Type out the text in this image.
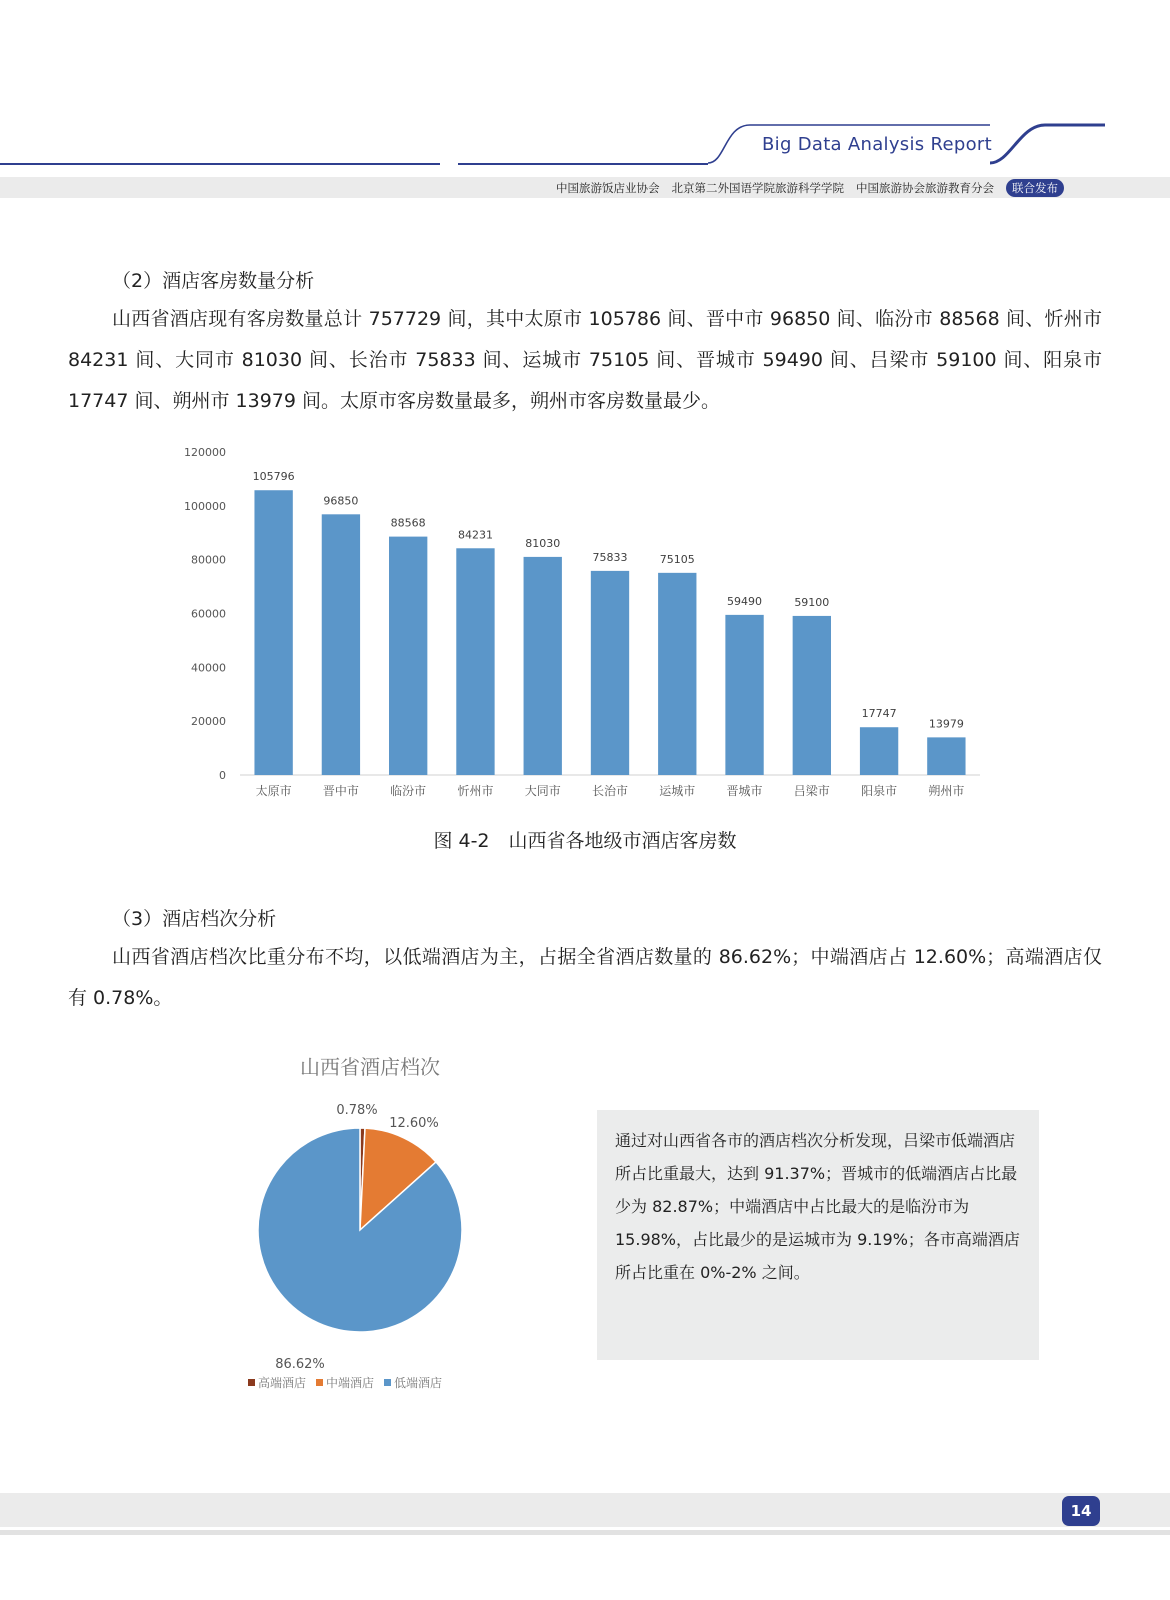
Big Data Analysis Report
中国旅游饭店业协会 北京第二外国语学院旅游科学学院 中国旅游协会旅游教育分会	联合发布
（2）酒店客房数量分析

山西省酒店现有客房数量总计 757729 间，其中太原市 105786 间、晋中市 96850 间、临汾市 88568 间、忻州市 84231 间、大同市 81030 间、长治市 75833 间、运城市 75105 间、晋城市 59490 间、吕梁市 59100 间、阳泉市 17747 间、朔州市 13979 间。太原市客房数量最多，朔州市客房数量最少。

0
20000
40000
60000
80000
100000
120000
105796
太原市
96850
晋中市
88568
临汾市
84231
忻州市
81030
大同市
75833
长治市
75105
运城市
59490
晋城市
59100
吕梁市
17747
阳泉市
13979
朔州市
图 4-2　山西省各地级市酒店客房数
（3）酒店档次分析

山西省酒店档次比重分布不均，以低端酒店为主，占据全省酒店数量的 86.62%；中端酒店占 12.60%；高端酒店仅有 0.78%。

山西省酒店档次
0.78%
12.60%
86.62%
高端酒店 中端酒店 低端酒店
通过对山西省各市的酒店档次分析发现，吕梁市低端酒店所占比重最大，达到 91.37%；晋城市的低端酒店占比最少为 82.87%；中端酒店中占比最大的是临汾市为 15.98%，占比最少的是运城市为 9.19%；各市高端酒店所占比重在 0%-2% 之间。
14
